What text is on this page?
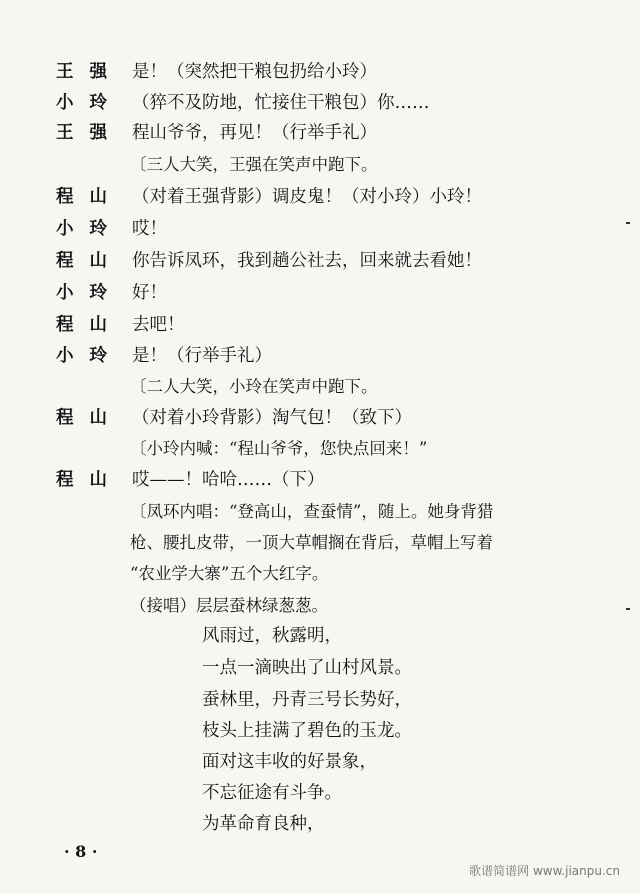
王强 是！（突然把干粮包扔给小玲）
小玲 （猝不及防地，忙接住干粮包）你……
王强 程山爷爷，再见！（行举手礼）
〔三人大笑，王强在笑声中跑下。
程山 （对着王强背影）调皮鬼！（对小玲）小玲！
小玲 哎！
程山 你告诉凤环，我到趟公社去，回来就去看她！
小玲 好！
程山 去吧！
小玲 是！（行举手礼）
〔二人大笑，小玲在笑声中跑下。
程山 （对着小玲背影）淘气包！（致下）
〔小玲内喊：“程山爷爷，您快点回来！”
程山 哎——！哈哈……（下）
〔凤环内唱：“登高山，查蚕情”，随上。她身背猎
枪、腰扎皮带，一顶大草帽搁在背后，草帽上写着
“农业学大寨”五个大红字。
（接唱）层层蚕林绿葱葱。
风雨过，秋露明，
一点一滴映出了山村风景。
蚕林里，丹青三号长势好，
枝头上挂满了碧色的玉龙。
面对这丰收的好景象，
不忘征途有斗争。
为革命育良种，
· 8 ·
歌谱简谱网 www.jianpu.cn
